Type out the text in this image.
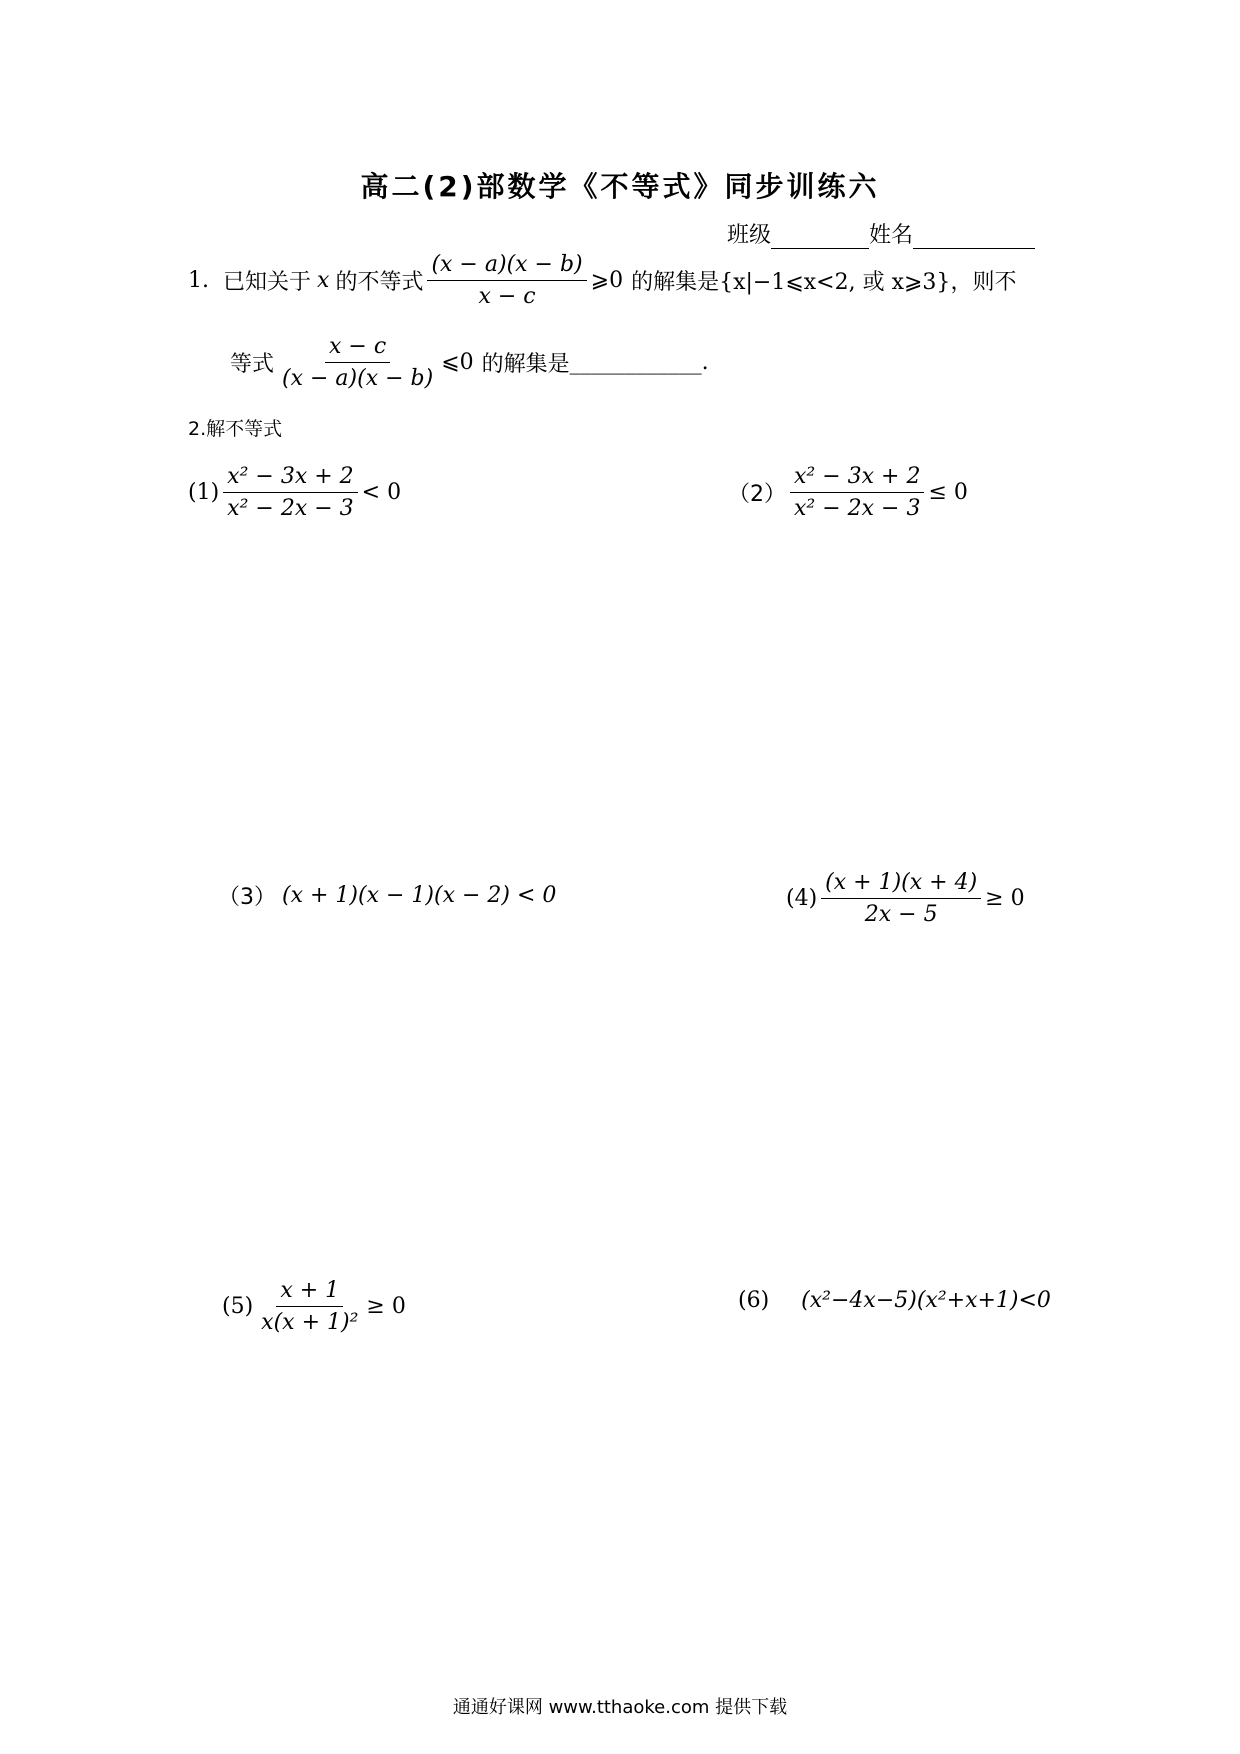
高二(2)部数学《不等式》同步训练六
班级	姓名
1. 已知关于 x 的不等式 $\frac{(x - a)(x - b)}{x - c}$ ⩾0 的解集是 {x|−1⩽x<2, 或 x⩾3} ，则不
等式 $\frac{x - c}{(x - a)(x - b)}$ ⩽0 的解集是 ____________.
2.解不等式
$(1) \frac{\text{x² − 3x + 2}}{\text{x² − 2x − 3}} < 0$	$(2) \frac{\text{x² − 3x + 2}}{\text{x² − 2x − 3}} \le 0$
（3） (x + 1)(x − 1)(x − 2) < 0	$(4) \frac{(x + 1)(x + 4)}{2x - 5} \ge 0$
$(5) \frac{x + 1}{\text{x(x + 1)²}} \ge 0$	(6) (x²−4x−5)(x²+x+1)<0
通通好课网 www.tthaoke.com 提供下载
